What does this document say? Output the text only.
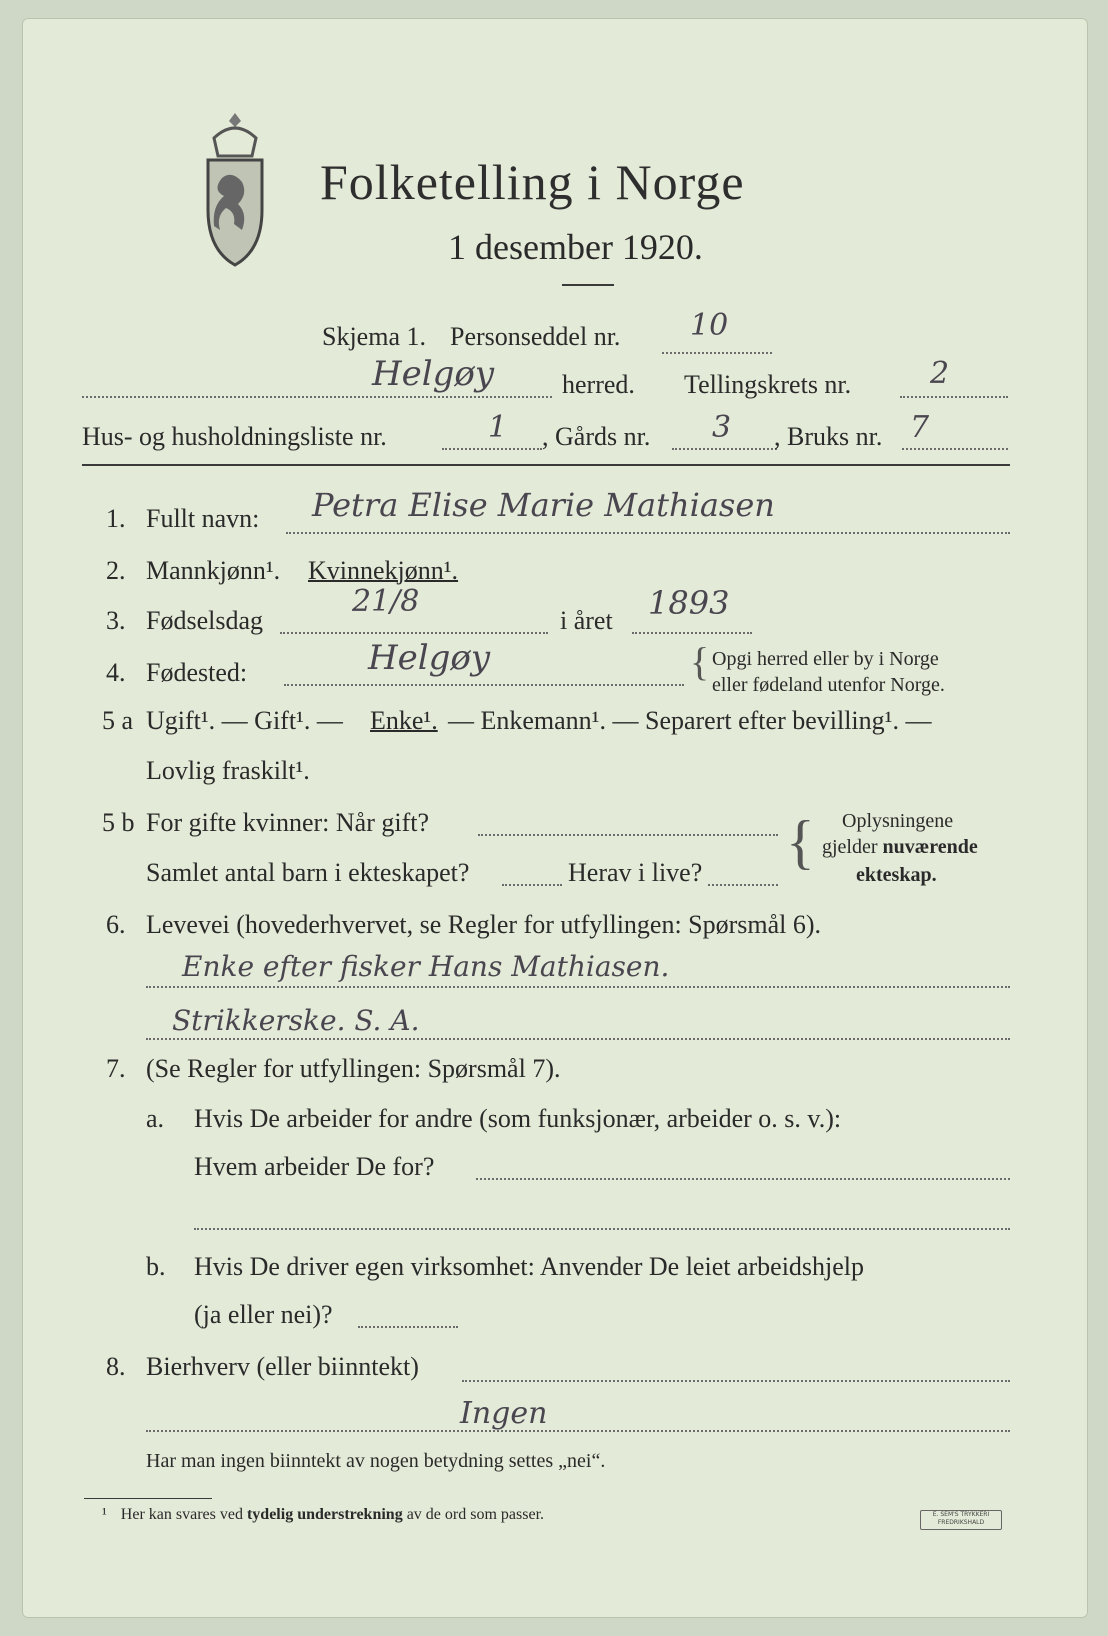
Folketelling i Norge
1 desember 1920.
Skjema 1. Personseddel nr. 10
Helgøy	herred. Tellingskrets nr.	2
Hus- og husholdningsliste nr.	1 , Gårds nr. 3 , Bruks nr. 7
1. Fullt navn: Petra Elise Marie Mathiasen
2. Mannkjønn¹. Kvinnekjønn¹.
3. Fødselsdag
21/8
i året 1893
4. Fødested:	Helgøy	{ Opgi herred eller by i Norge
eller fødeland utenfor Norge.
5 a Ugift¹. — Gift¹. — Enke¹. — Enkemann¹. — Separert efter bevilling¹. —
Lovlig fraskilt¹.
5 b For gifte kvinner: Når gift?
Samlet antal barn i ekteskapet?	Herav i live? { Oplysningene
gjelder nuværende
ekteskap.
6. Levevei (hovederhvervet, se Regler for utfyllingen: Spørsmål 6).
Enke efter fisker Hans Mathiasen.
Strikkerske. S. A.
7. (Se Regler for utfyllingen: Spørsmål 7).
a. Hvis De arbeider for andre (som funksjonær, arbeider o. s. v.):
Hvem arbeider De for?
b. Hvis De driver egen virksomhet: Anvender De leiet arbeidshjelp
(ja eller nei)?
8. Bierhverv (eller biinntekt)
Ingen
Har man ingen biinntekt av nogen betydning settes „nei“.
¹ Her kan svares ved tydelig understrekning av de ord som passer.	E. SEM'S TRYKKERI
FREDRIKSHALD
